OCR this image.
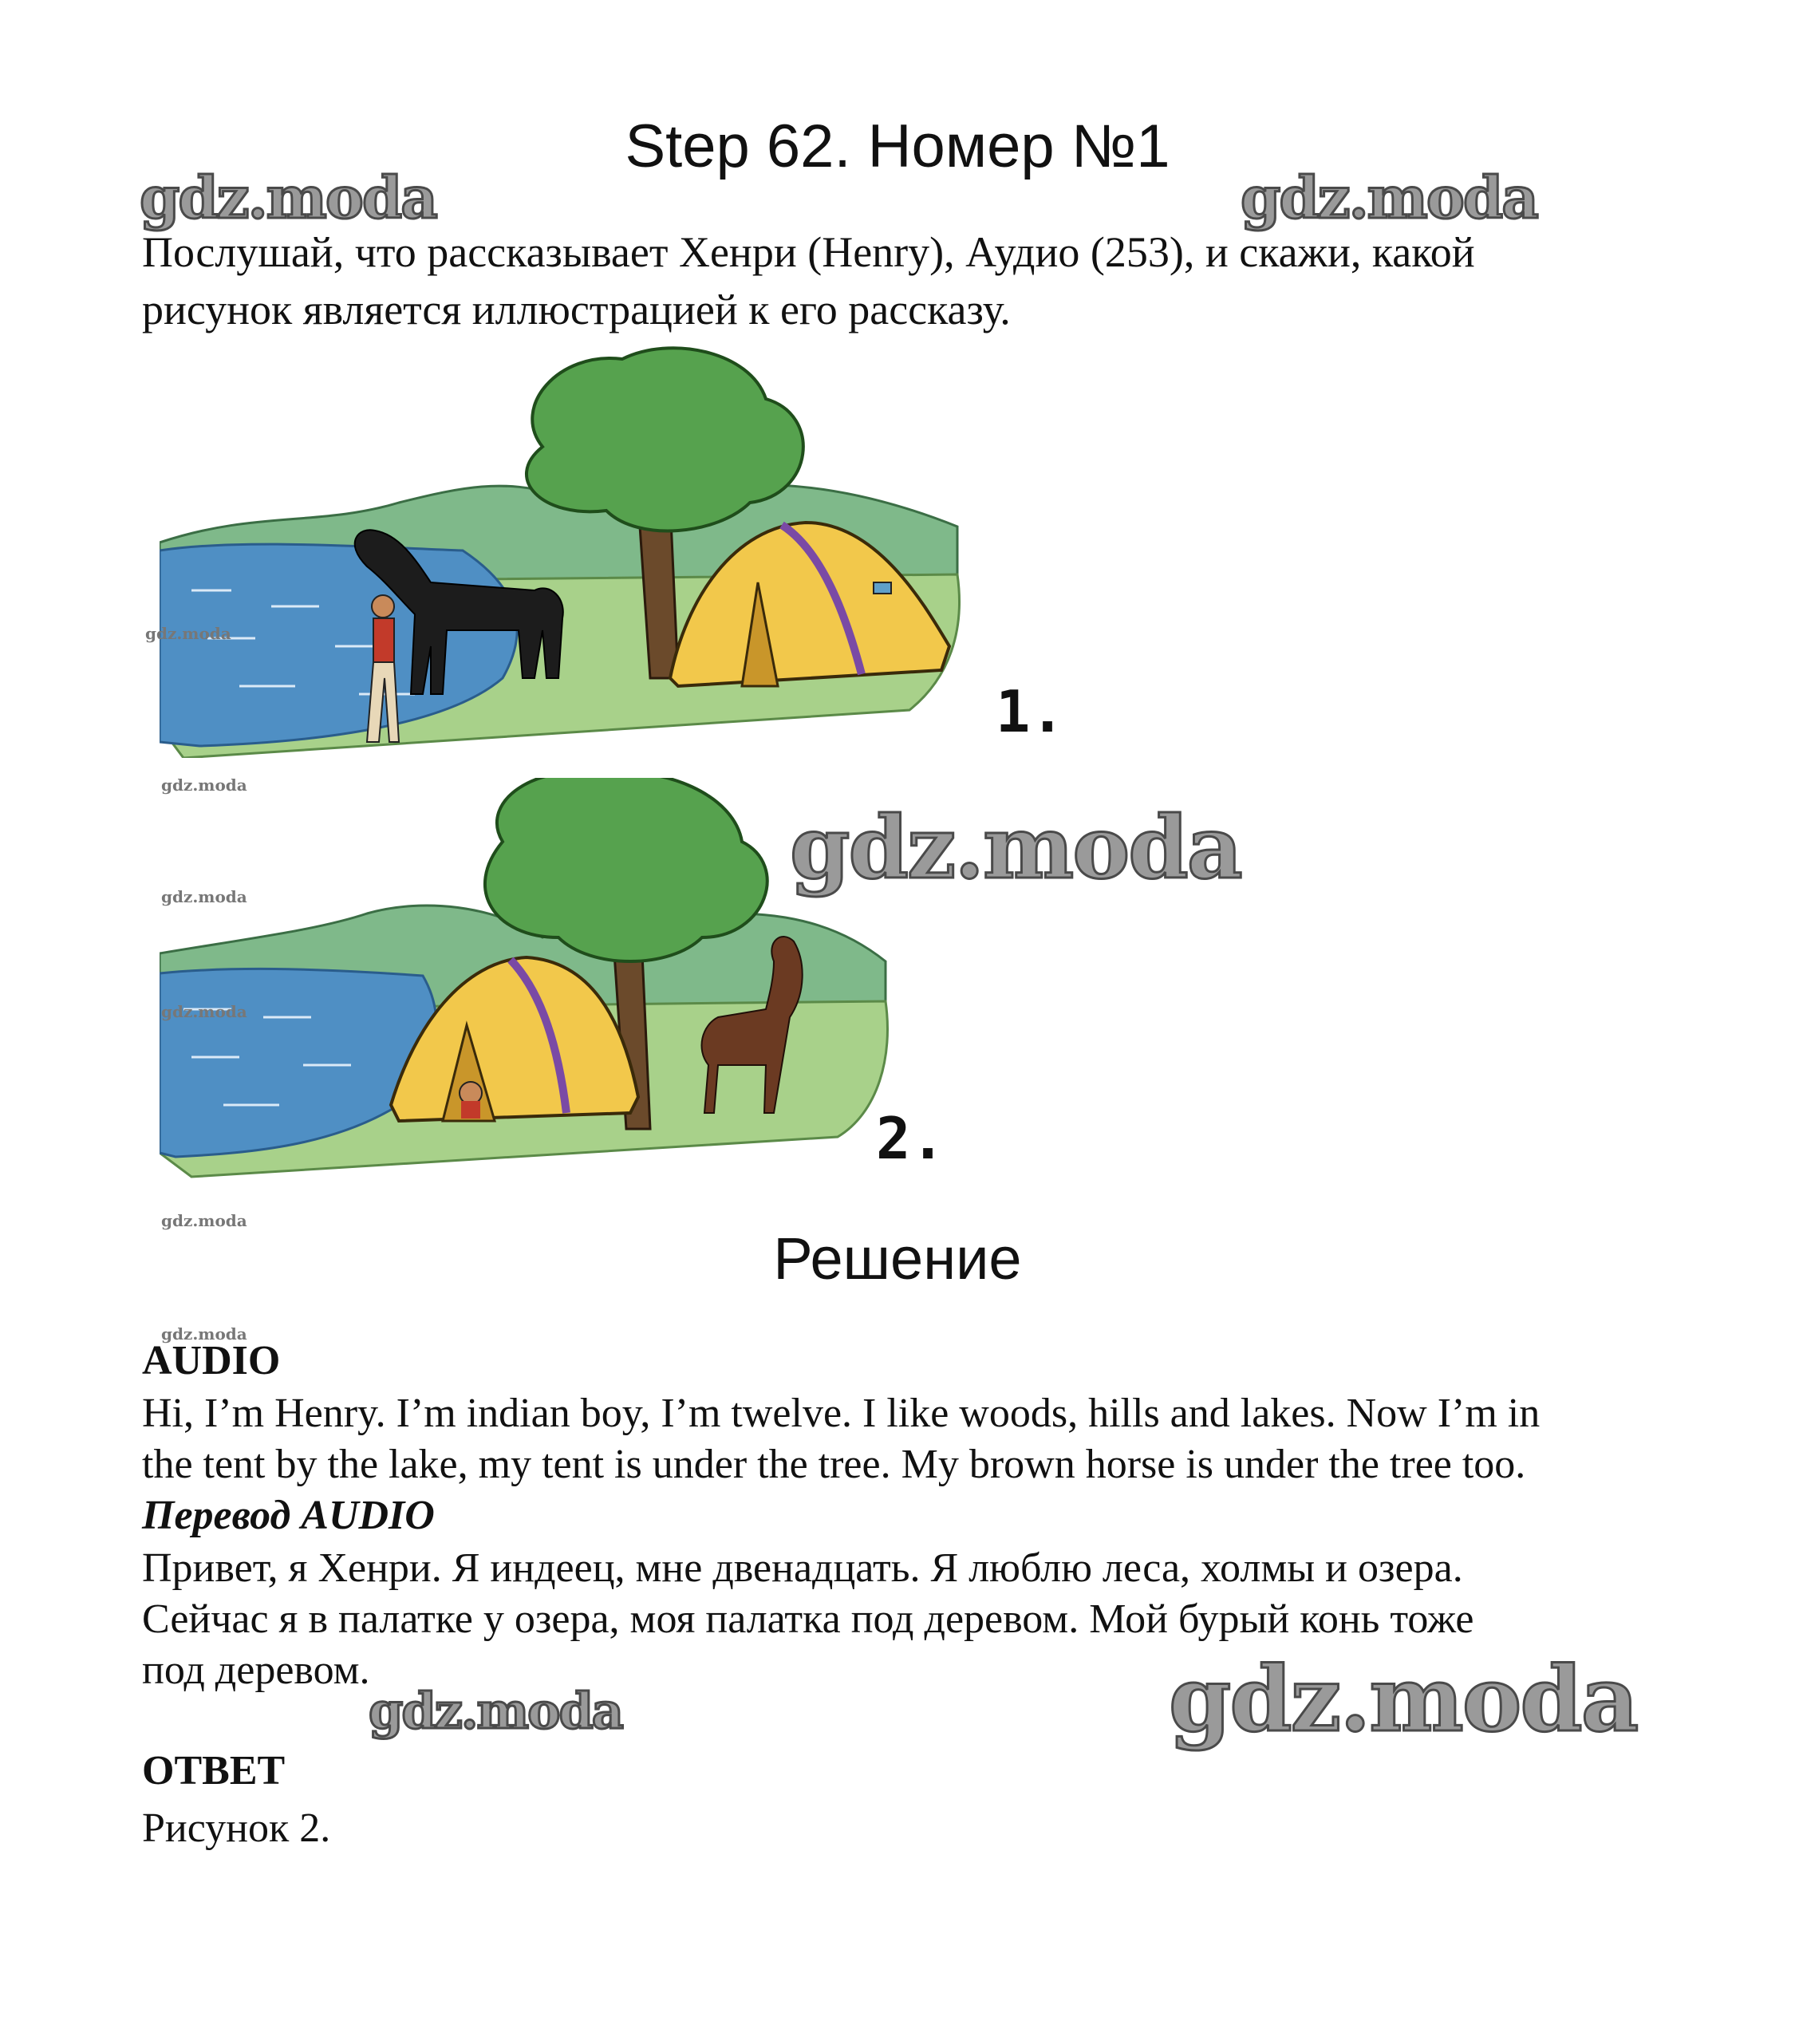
Step 62. Номер №1
gdz.moda	gdz.moda
Послушай, что рассказывает Хенри (Henry), Аудио (253), и скажи, какой
рисунок является иллюстрацией к его рассказу.
gdz.moda
1.
gdz.moda
gdz.moda
gdz.moda
gdz.moda
2.
gdz.moda
Решение
gdz.moda
AUDIO
Hi, I’m Henry. I’m indian boy, I’m twelve. I like woods, hills and lakes. Now I’m in
the tent by the lake, my tent is under the tree. My brown horse is under the tree too.
Перевод AUDIO
Привет, я Хенри. Я индеец, мне двенадцать. Я люблю леса, холмы и озера.
Сейчас я в палатке у озера, моя палатка под деревом. Мой бурый конь тоже
под деревом.
gdz.moda	gdz.moda
ОТВЕТ
Рисунок 2.
